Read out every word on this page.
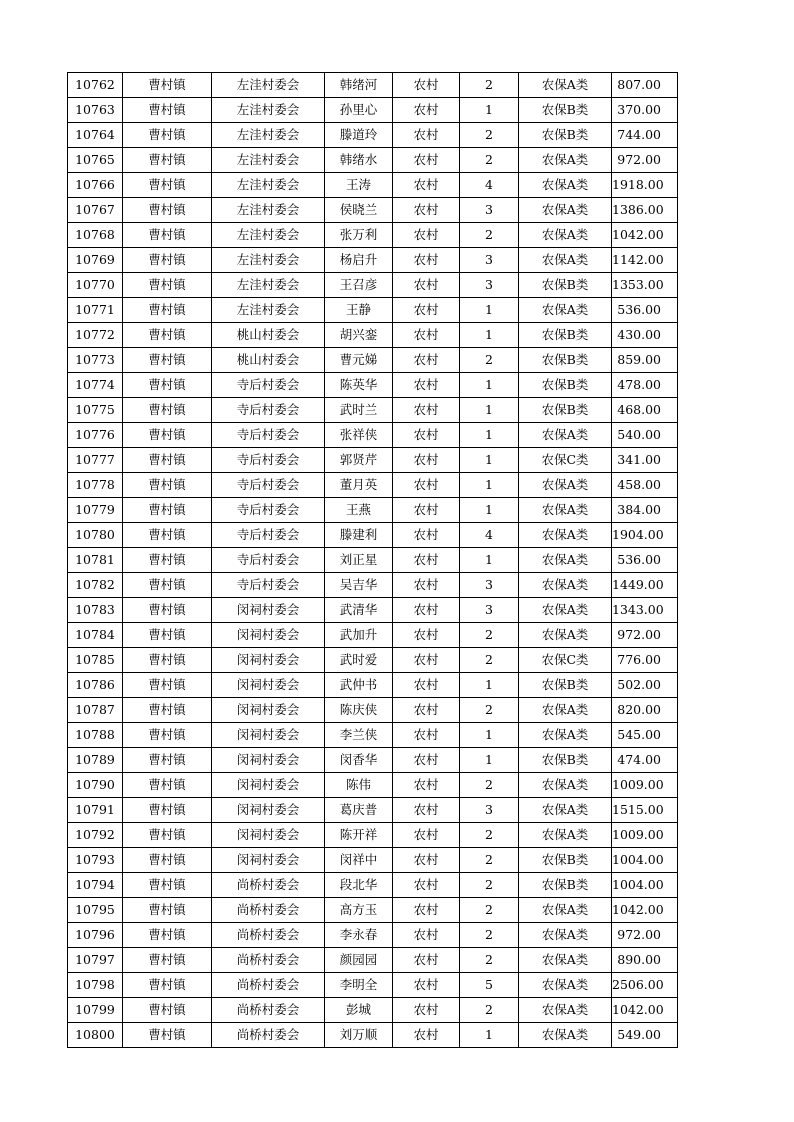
10762	曹村镇	左洼村委会	韩绪河	农村	2	农保A类	807.00
10763	曹村镇	左洼村委会	孙里心	农村	1	农保B类	370.00
10764	曹村镇	左洼村委会	滕道玲	农村	2	农保B类	744.00
10765	曹村镇	左洼村委会	韩绪水	农村	2	农保A类	972.00
10766	曹村镇	左洼村委会	王涛	农村	4	农保A类	1918.00
10767	曹村镇	左洼村委会	侯晓兰	农村	3	农保A类	1386.00
10768	曹村镇	左洼村委会	张万利	农村	2	农保A类	1042.00
10769	曹村镇	左洼村委会	杨启升	农村	3	农保A类	1142.00
10770	曹村镇	左洼村委会	王召彦	农村	3	农保B类	1353.00
10771	曹村镇	左洼村委会	王静	农村	1	农保A类	536.00
10772	曹村镇	桃山村委会	胡兴銮	农村	1	农保B类	430.00
10773	曹村镇	桃山村委会	曹元娣	农村	2	农保B类	859.00
10774	曹村镇	寺后村委会	陈英华	农村	1	农保B类	478.00
10775	曹村镇	寺后村委会	武时兰	农村	1	农保B类	468.00
10776	曹村镇	寺后村委会	张祥侠	农村	1	农保A类	540.00
10777	曹村镇	寺后村委会	郭贤芹	农村	1	农保C类	341.00
10778	曹村镇	寺后村委会	董月英	农村	1	农保A类	458.00
10779	曹村镇	寺后村委会	王燕	农村	1	农保A类	384.00
10780	曹村镇	寺后村委会	滕建利	农村	4	农保A类	1904.00
10781	曹村镇	寺后村委会	刘正星	农村	1	农保A类	536.00
10782	曹村镇	寺后村委会	吴吉华	农村	3	农保A类	1449.00
10783	曹村镇	闵祠村委会	武清华	农村	3	农保A类	1343.00
10784	曹村镇	闵祠村委会	武加升	农村	2	农保A类	972.00
10785	曹村镇	闵祠村委会	武时爱	农村	2	农保C类	776.00
10786	曹村镇	闵祠村委会	武仲书	农村	1	农保B类	502.00
10787	曹村镇	闵祠村委会	陈庆侠	农村	2	农保A类	820.00
10788	曹村镇	闵祠村委会	李兰侠	农村	1	农保A类	545.00
10789	曹村镇	闵祠村委会	闵香华	农村	1	农保B类	474.00
10790	曹村镇	闵祠村委会	陈伟	农村	2	农保A类	1009.00
10791	曹村镇	闵祠村委会	葛庆普	农村	3	农保A类	1515.00
10792	曹村镇	闵祠村委会	陈开祥	农村	2	农保A类	1009.00
10793	曹村镇	闵祠村委会	闵祥中	农村	2	农保B类	1004.00
10794	曹村镇	尚桥村委会	段北华	农村	2	农保B类	1004.00
10795	曹村镇	尚桥村委会	高方玉	农村	2	农保A类	1042.00
10796	曹村镇	尚桥村委会	李永春	农村	2	农保A类	972.00
10797	曹村镇	尚桥村委会	颜园园	农村	2	农保A类	890.00
10798	曹村镇	尚桥村委会	李明全	农村	5	农保A类	2506.00
10799	曹村镇	尚桥村委会	彭城	农村	2	农保A类	1042.00
10800	曹村镇	尚桥村委会	刘万顺	农村	1	农保A类	549.00
